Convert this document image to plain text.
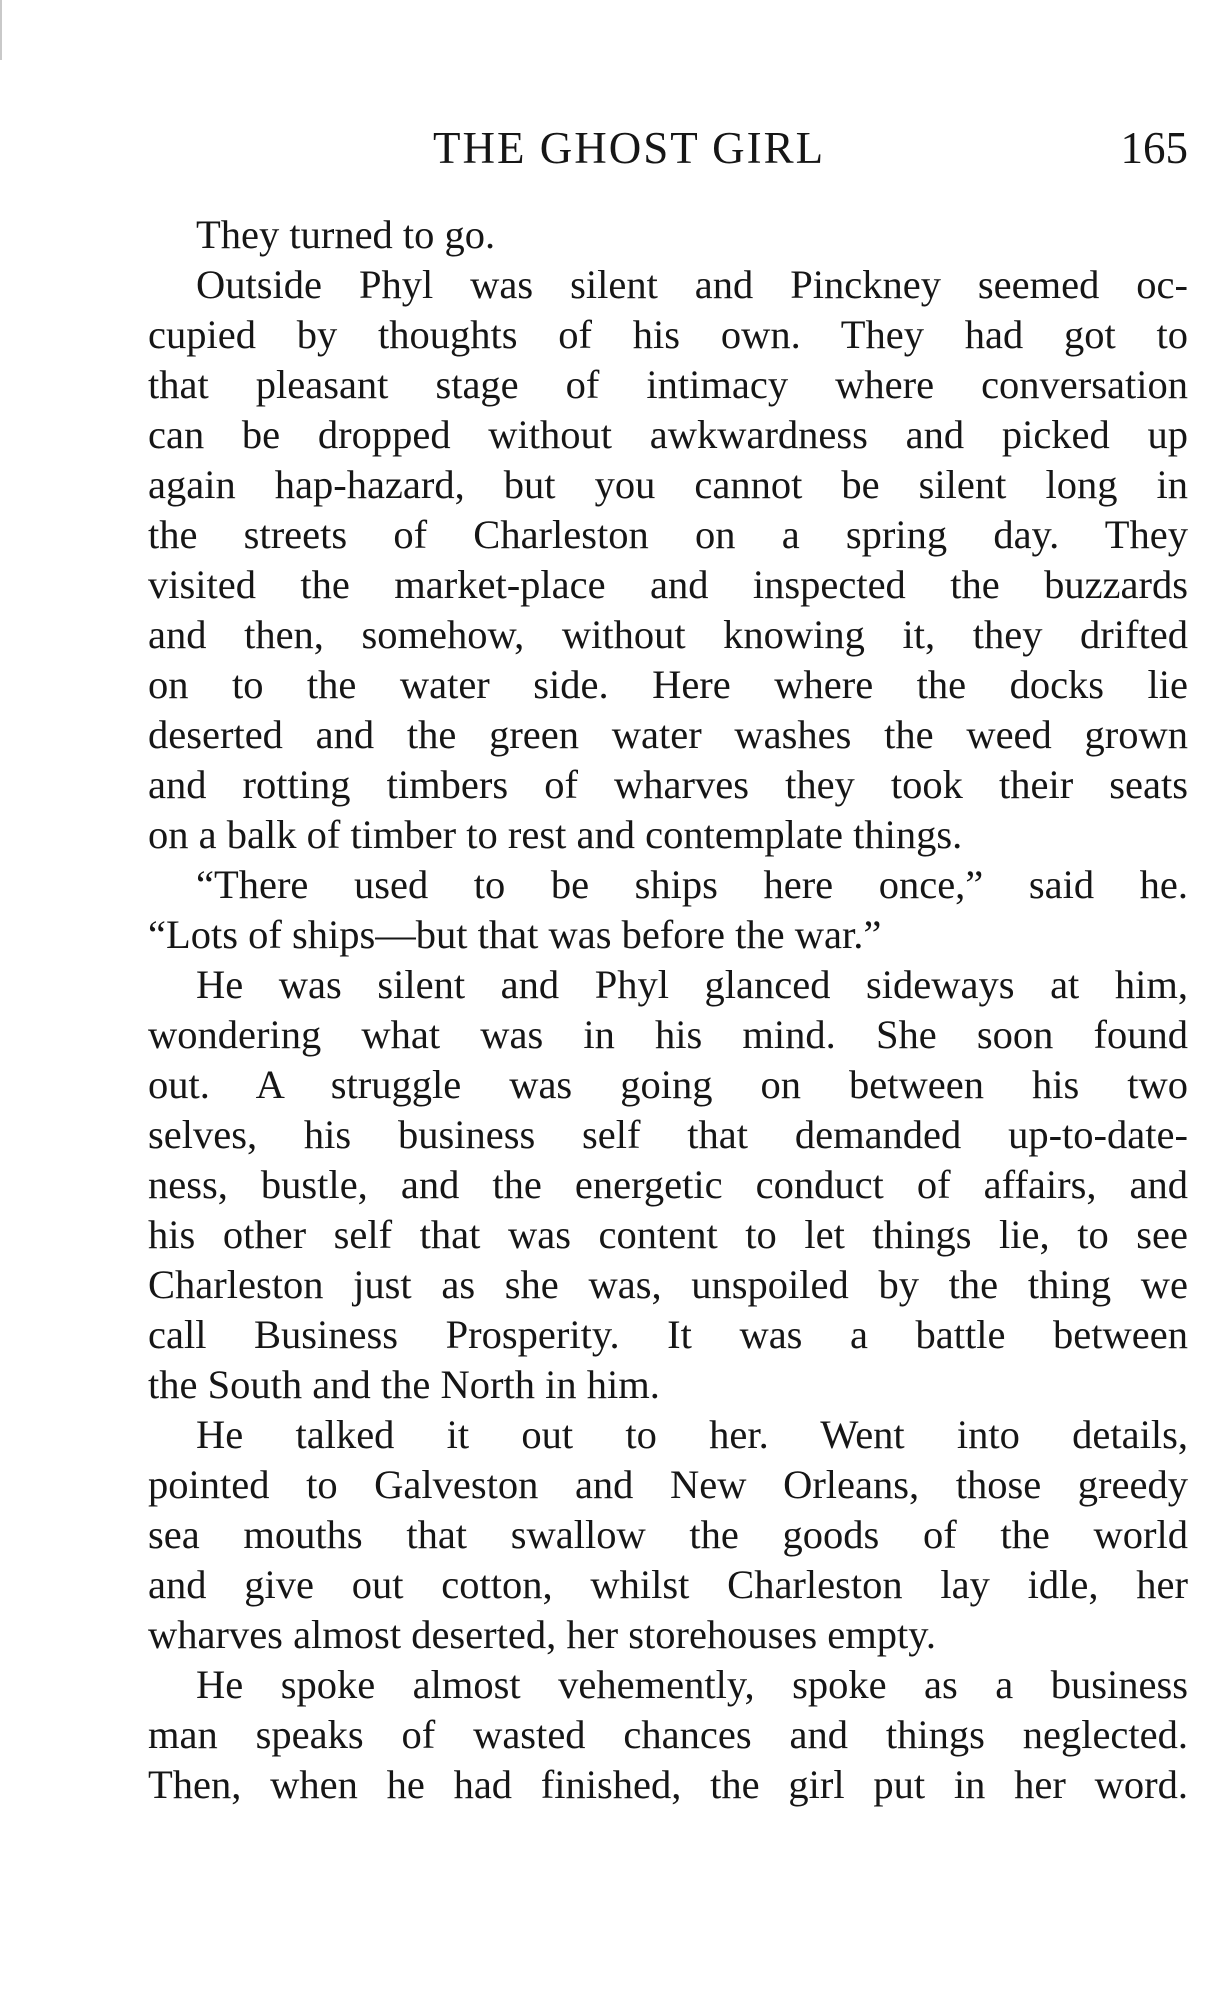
THE GHOST GIRL	165
They turned to go.
Outside Phyl was silent and Pinckney seemed oc-
cupied by thoughts of his own. They had got to
that pleasant stage of intimacy where conversation
can be dropped without awkwardness and picked up
again hap-hazard, but you cannot be silent long in
the streets of Charleston on a spring day. They
visited the market-place and inspected the buzzards
and then, somehow, without knowing it, they drifted
on to the water side. Here where the docks lie
deserted and the green water washes the weed grown
and rotting timbers of wharves they took their seats
on a balk of timber to rest and contemplate things.
“There used to be ships here once,” said he.
“Lots of ships—but that was before the war.”
He was silent and Phyl glanced sideways at him,
wondering what was in his mind. She soon found
out. A struggle was going on between his two
selves, his business self that demanded up-to-date-
ness, bustle, and the energetic conduct of affairs, and
his other self that was content to let things lie, to see
Charleston just as she was, unspoiled by the thing we
call Business Prosperity. It was a battle between
the South and the North in him.
He talked it out to her. Went into details,
pointed to Galveston and New Orleans, those greedy
sea mouths that swallow the goods of the world
and give out cotton, whilst Charleston lay idle, her
wharves almost deserted, her storehouses empty.
He spoke almost vehemently, spoke as a business
man speaks of wasted chances and things neglected.
Then, when he had finished, the girl put in her word.
